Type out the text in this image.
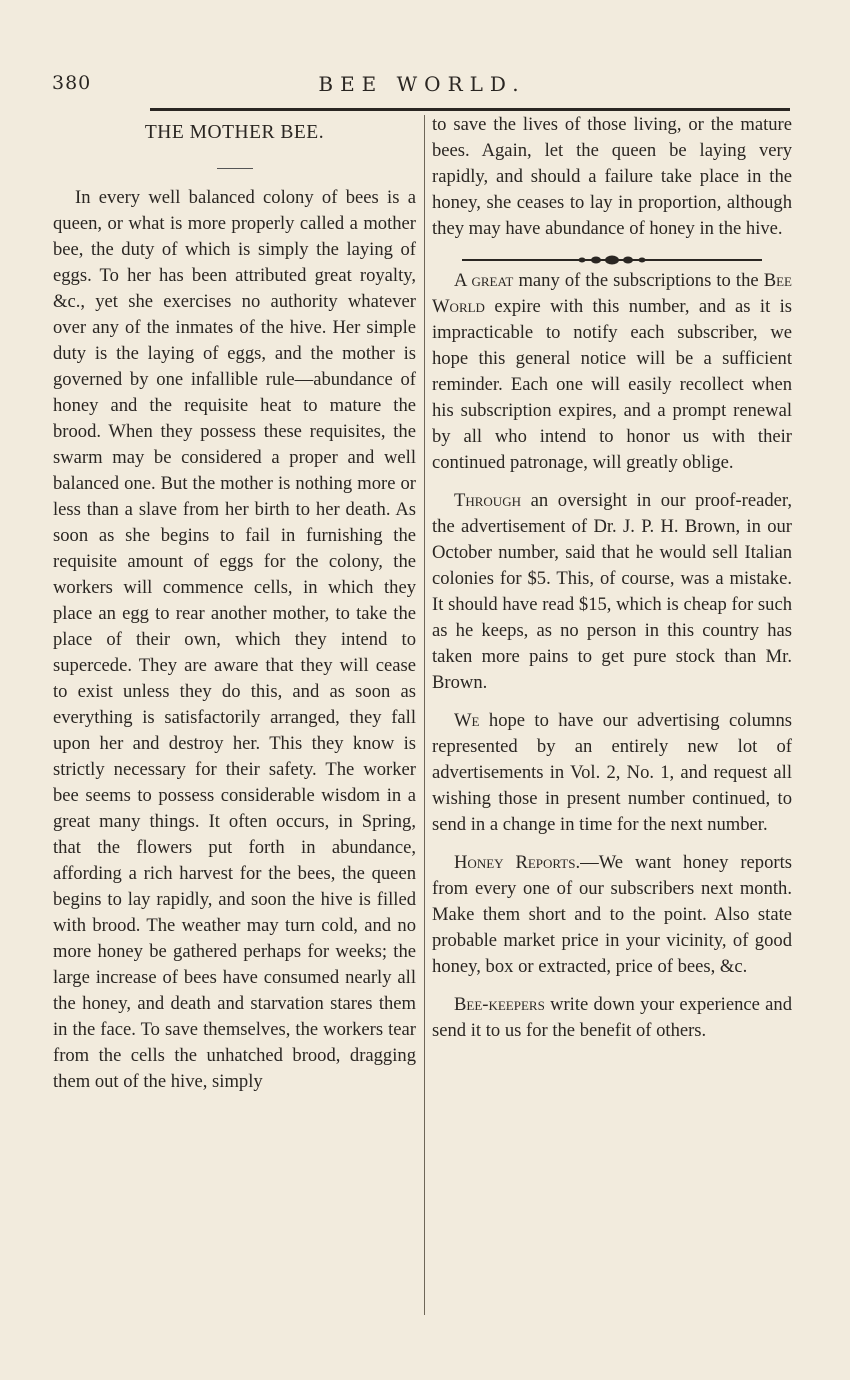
380	BEE WORLD.
THE MOTHER BEE.

In every well balanced colony of bees is a queen, or what is more properly called a mother bee, the duty of which is simply the laying of eggs. To her has been attributed great royalty, &c., yet she exercises no authority whatever over any of the inmates of the hive. Her simple duty is the laying of eggs, and the mother is governed by one infallible rule—abundance of honey and the requisite heat to mature the brood. When they possess these requisites, the swarm may be considered a proper and well balanced one. But the mother is nothing more or less than a slave from her birth to her death. As soon as she begins to fail in furnishing the requisite amount of eggs for the colony, the workers will commence cells, in which they place an egg to rear another mother, to take the place of their own, which they intend to supercede. They are aware that they will cease to exist unless they do this, and as soon as everything is satisfactorily arranged, they fall upon her and destroy her. This they know is strictly necessary for their safety. The worker bee seems to possess considerable wisdom in a great many things. It often occurs, in Spring, that the flowers put forth in abundance, affording a rich harvest for the bees, the queen begins to lay rapidly, and soon the hive is filled with brood. The weather may turn cold, and no more honey be gathered perhaps for weeks; the large increase of bees have consumed nearly all the honey, and death and starvation stares them in the face. To save themselves, the workers tear from the cells the unhatched brood, dragging them out of the hive, simply

to save the lives of those living, or the mature bees. Again, let the queen be laying very rapidly, and should a failure take place in the honey, she ceases to lay in proportion, although they may have abundance of honey in the hive.

A great many of the subscriptions to the Bee World expire with this number, and as it is impracticable to notify each subscriber, we hope this general notice will be a sufficient reminder. Each one will easily recollect when his subscription expires, and a prompt renewal by all who intend to honor us with their continued patronage, will greatly oblige.

Through an oversight in our proof-reader, the advertisement of Dr. J. P. H. Brown, in our October number, said that he would sell Italian colonies for $5. This, of course, was a mistake. It should have read $15, which is cheap for such as he keeps, as no person in this country has taken more pains to get pure stock than Mr. Brown.

We hope to have our advertising columns represented by an entirely new lot of advertisements in Vol. 2, No. 1, and request all wishing those in present number continued, to send in a change in time for the next number.

Honey Reports.—We want honey reports from every one of our subscribers next month. Make them short and to the point. Also state probable market price in your vicinity, of good honey, box or extracted, price of bees, &c.

Bee-keepers write down your experience and send it to us for the benefit of others.
